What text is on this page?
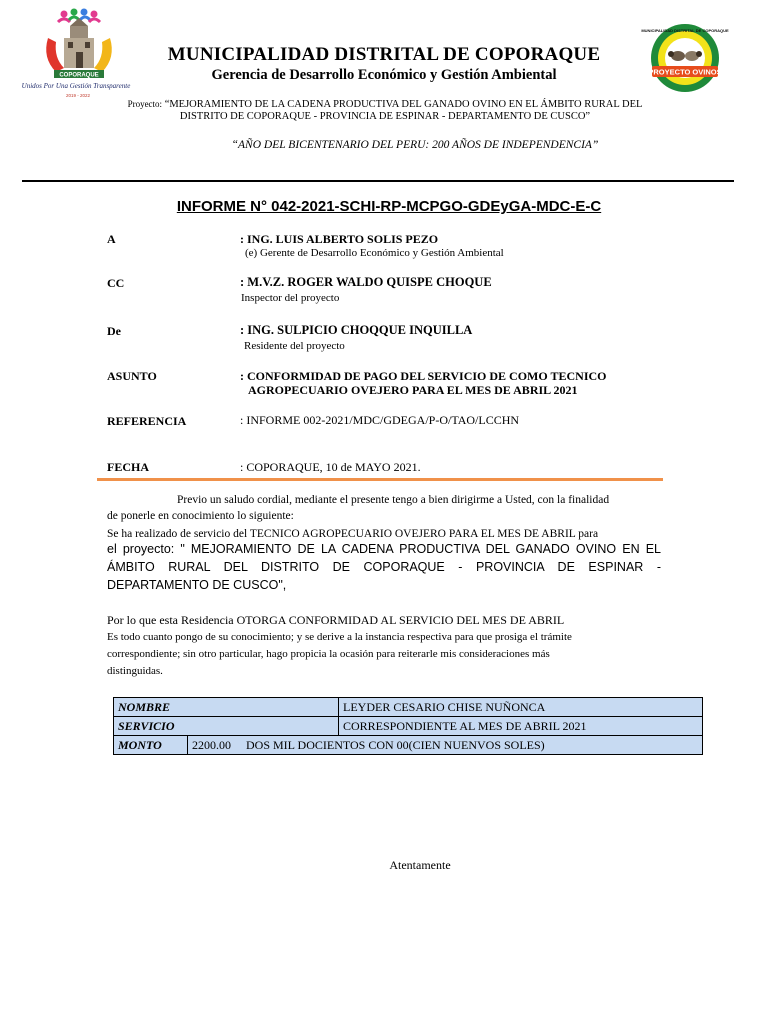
COPORAQUE
Unidos Por Una Gestión Transparente
2019 - 2022
PROYECTO OVINOS
MUNICIPALIDAD DISTRITAL DE COPORAQUE
MUNICIPALIDAD DISTRITAL DE COPORAQUE
Gerencia de Desarrollo Económico y Gestión Ambiental
Proyecto: “MEJORAMIENTO DE LA CADENA PRODUCTIVA DEL GANADO OVINO EN EL ÁMBITO RURAL DEL DISTRITO DE COPORAQUE - PROVINCIA DE ESPINAR - DEPARTAMENTO DE CUSCO”
“AÑO DEL BICENTENARIO DEL PERU: 200 AÑOS DE INDEPENDENCIA”
INFORME N° 042-2021-SCHI-RP-MCPGO-GDEyGA-MDC-E-C
A	: ING. LUIS ALBERTO SOLIS PEZO
(e) Gerente de Desarrollo Económico y Gestión Ambiental
CC	: M.V.Z. ROGER WALDO QUISPE CHOQUE
Inspector del proyecto
De	: ING. SULPICIO CHOQQUE INQUILLA
Residente del proyecto
ASUNTO	: CONFORMIDAD DE PAGO DEL SERVICIO DE COMO TECNICO
AGROPECUARIO OVEJERO PARA EL MES DE ABRIL 2021
REFERENCIA	: INFORME 002-2021/MDC/GDEGA/P-O/TAO/LCCHN
FECHA	: COPORAQUE, 10 de MAYO 2021.
Previo un saludo cordial, mediante el presente tengo a bien dirigirme a Usted, con la finalidad
de ponerle en conocimiento lo siguiente:
Se ha realizado de servicio del TECNICO AGROPECUARIO OVEJERO PARA EL MES DE ABRIL para
el proyecto: " MEJORAMIENTO DE LA CADENA PRODUCTIVA DEL GANADO OVINO EN EL
ÁMBITO RURAL DEL DISTRITO DE COPORAQUE - PROVINCIA DE ESPINAR -
DEPARTAMENTO DE CUSCO",
Por lo que esta Residencia OTORGA CONFORMIDAD AL SERVICIO DEL MES DE ABRIL
Es todo cuanto pongo de su conocimiento; y se derive a la instancia respectiva para que prosiga el trámite
correspondiente; sin otro particular, hago propicia la ocasión para reiterarle mis consideraciones más
distinguidas.
NOMBRE		LEYDER CESARIO CHISE NUÑONCA
SERVICIO		CORRESPONDIENTE AL MES DE ABRIL 2021
MONTO	2200.00 DOS MIL DOCIENTOS CON 00(CIEN NUENVOS SOLES)	
Atentamente
